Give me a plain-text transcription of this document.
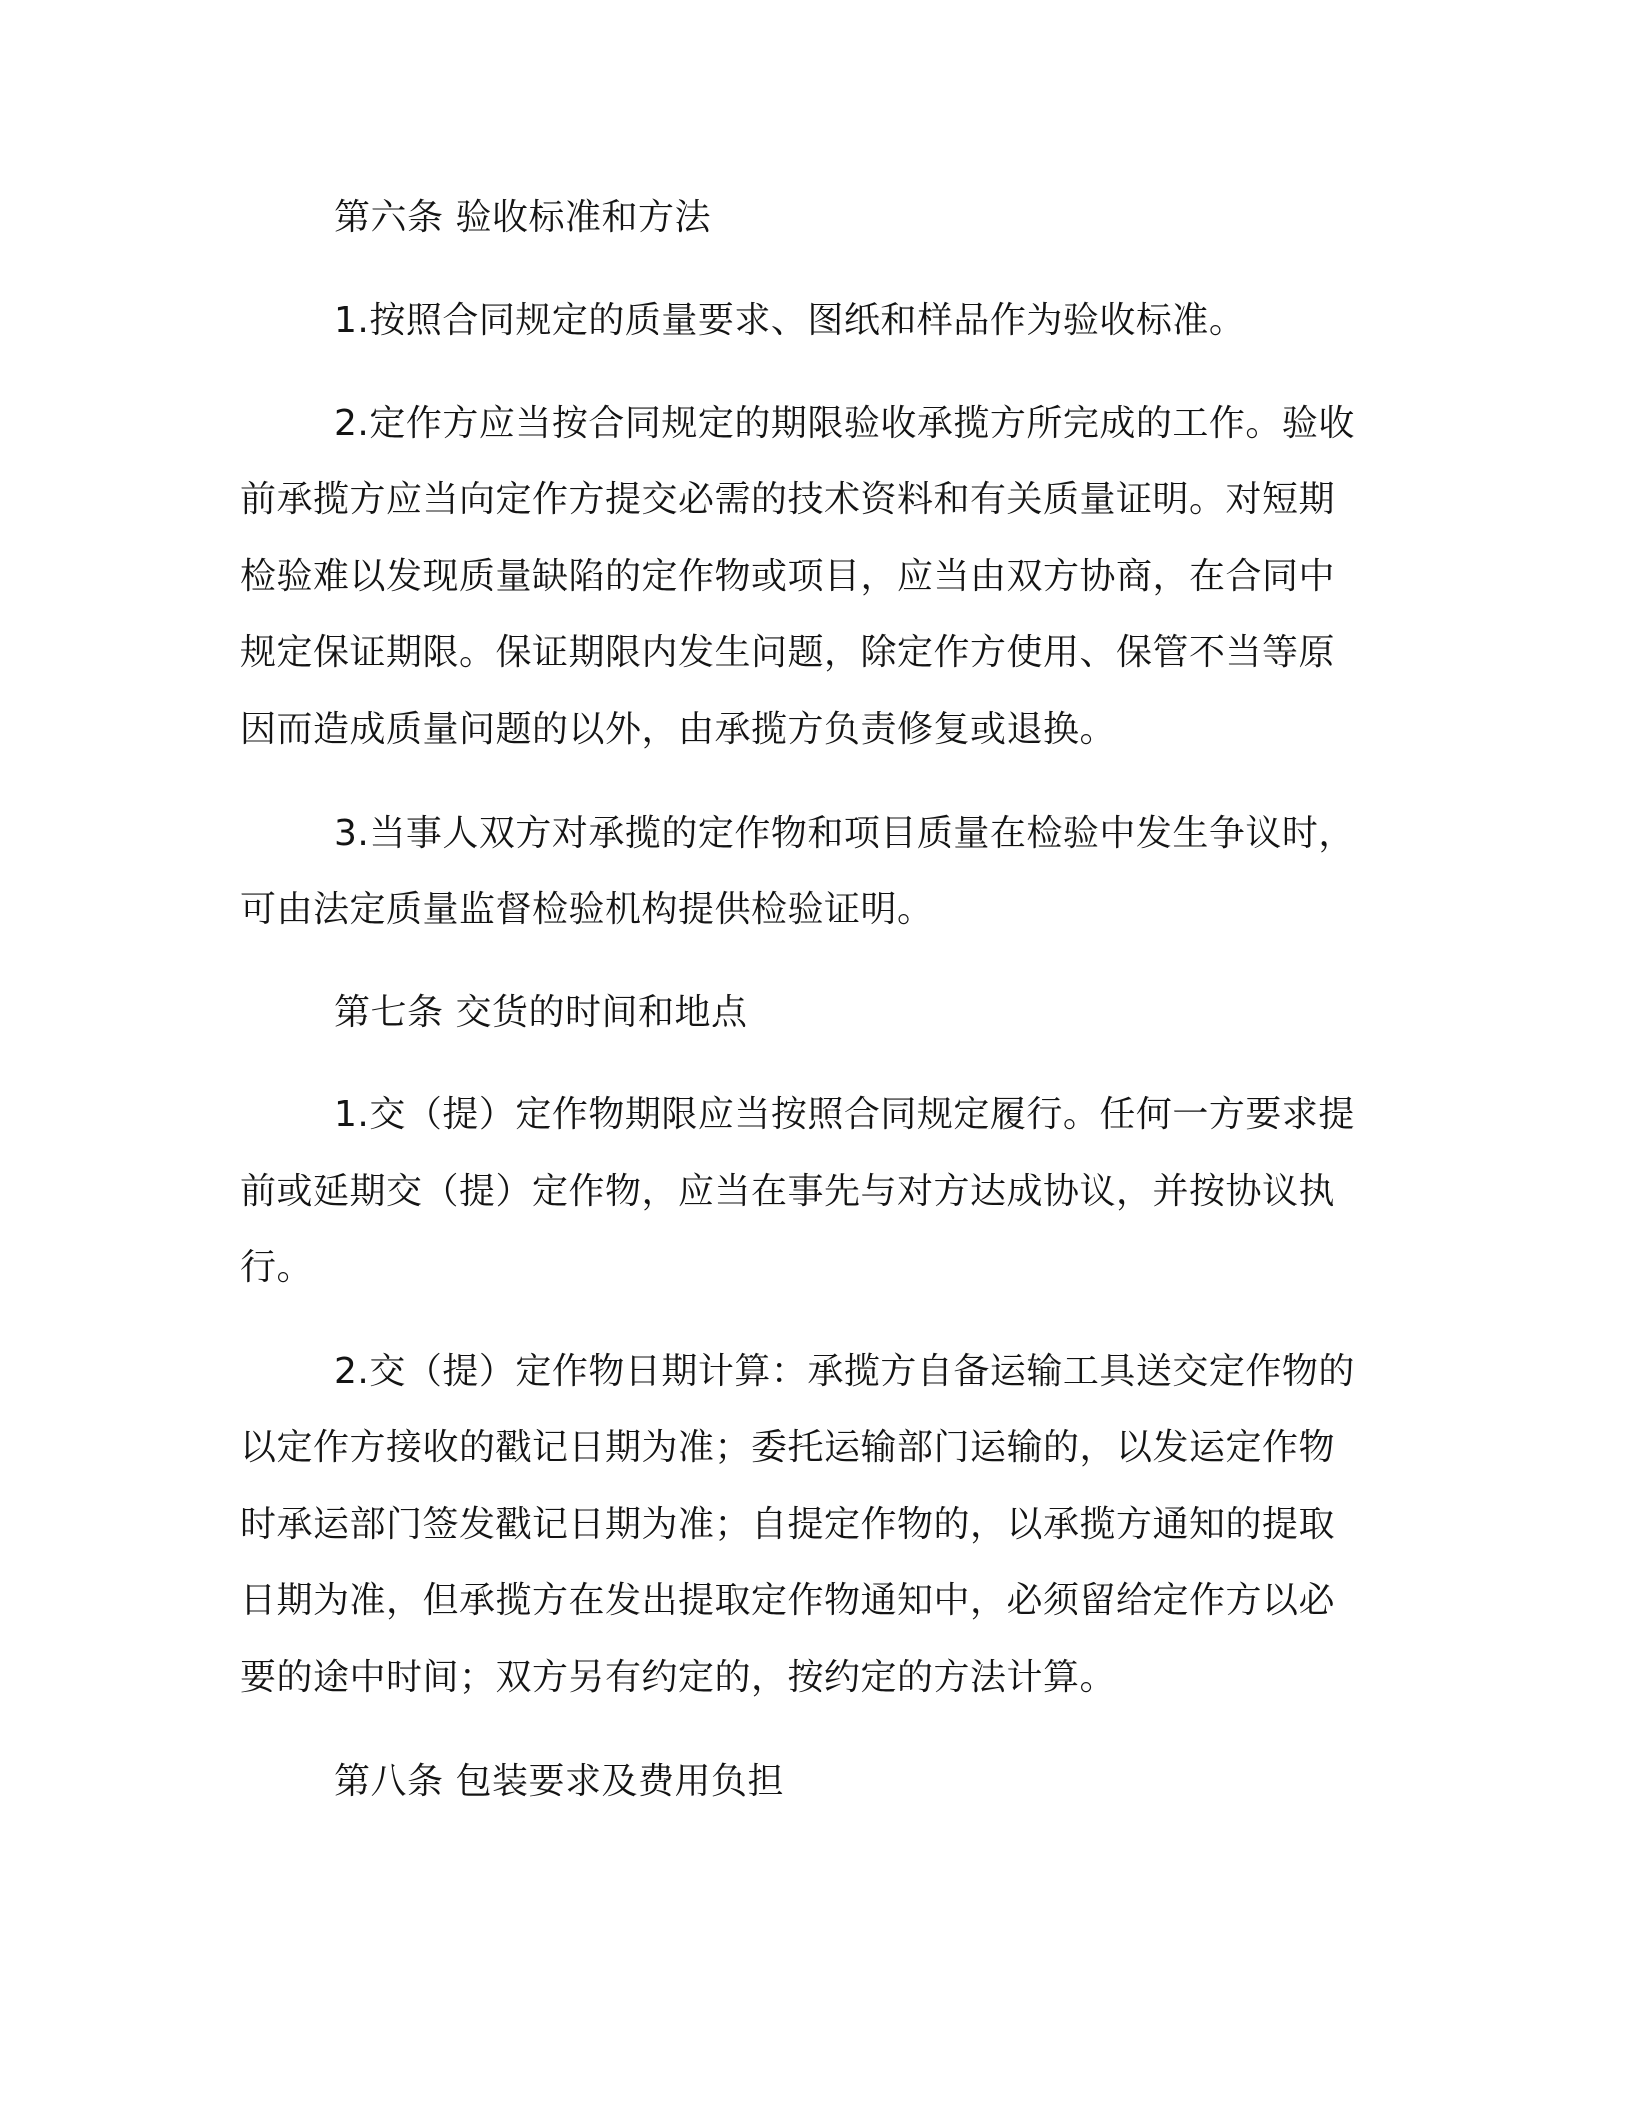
第六条 验收标准和方法
1.按照合同规定的质量要求、图纸和样品作为验收标准。
2.定作方应当按合同规定的期限验收承揽方所完成的工作。验收
前承揽方应当向定作方提交必需的技术资料和有关质量证明。对短期
检验难以发现质量缺陷的定作物或项目，应当由双方协商，在合同中
规定保证期限。保证期限内发生问题，除定作方使用、保管不当等原
因而造成质量问题的以外，由承揽方负责修复或退换。
3.当事人双方对承揽的定作物和项目质量在检验中发生争议时，
可由法定质量监督检验机构提供检验证明。
第七条 交货的时间和地点
1.交（提）定作物期限应当按照合同规定履行。任何一方要求提
前或延期交（提）定作物，应当在事先与对方达成协议，并按协议执
行。
2.交（提）定作物日期计算：承揽方自备运输工具送交定作物的
以定作方接收的戳记日期为准；委托运输部门运输的，以发运定作物
时承运部门签发戳记日期为准；自提定作物的，以承揽方通知的提取
日期为准，但承揽方在发出提取定作物通知中，必须留给定作方以必
要的途中时间；双方另有约定的，按约定的方法计算。
第八条 包装要求及费用负担
